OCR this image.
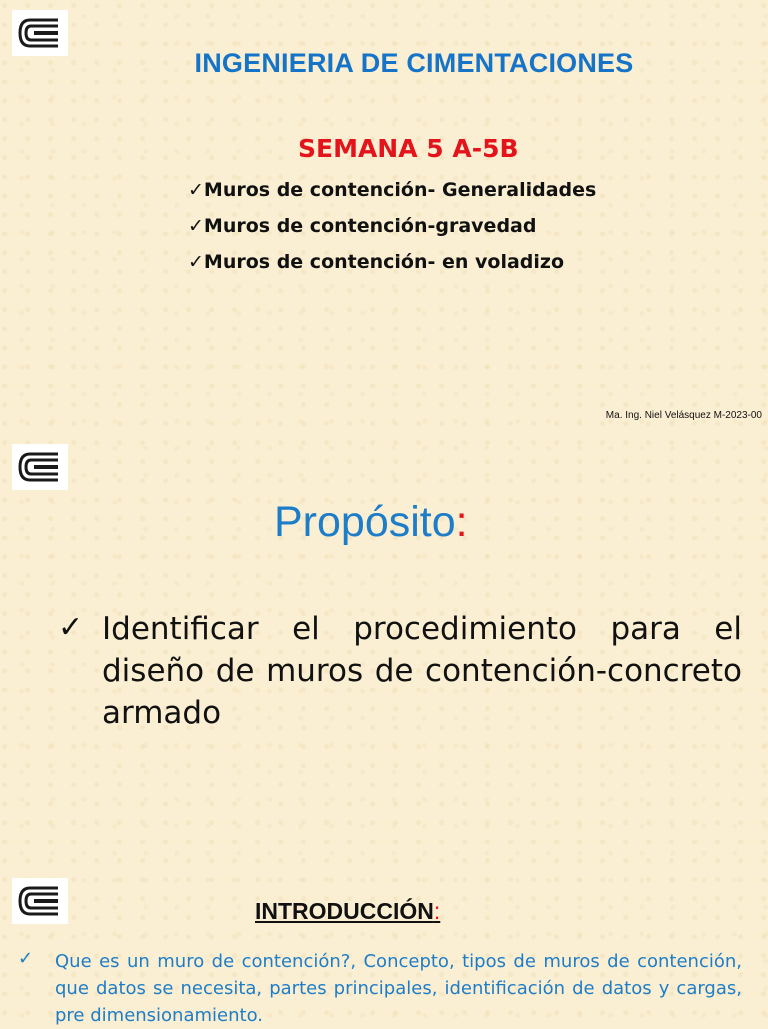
INGENIERIA DE CIMENTACIONES
SEMANA 5 A-5B
✓Muros de contención- Generalidades
✓Muros de contención-gravedad
✓Muros de contención- en voladizo
Ma. Ing. Niel Velásquez M-2023-00
Propósito:
✓ Identificar el procedimiento para el diseño de muros de contención-concreto armado
INTRODUCCIÓN:
✓ Que es un muro de contención?, Concepto, tipos de muros de contención, que datos se necesita, partes principales, identificación de datos y cargas, pre dimensionamiento.
